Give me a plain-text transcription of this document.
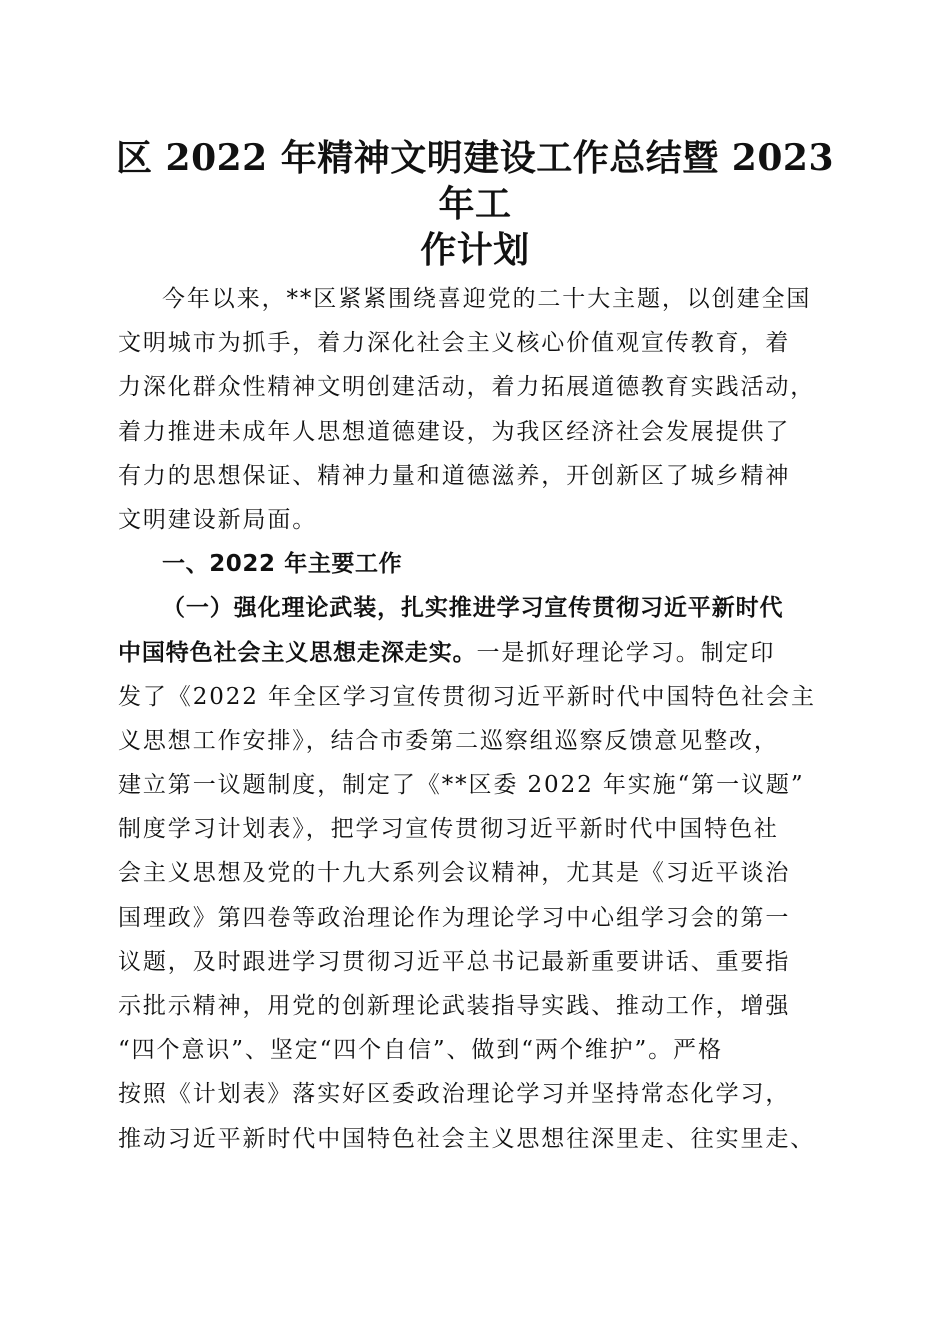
区 2022 年精神文明建设工作总结暨 2023 年工
作计划
今年以来，**区紧紧围绕喜迎党的二十大主题，以创建全国
文明城市为抓手，着力深化社会主义核心价值观宣传教育，着
力深化群众性精神文明创建活动，着力拓展道德教育实践活动，
着力推进未成年人思想道德建设，为我区经济社会发展提供了
有力的思想保证、精神力量和道德滋养，开创新区了城乡精神
文明建设新局面。
一、2022 年主要工作
（一）强化理论武装，扎实推进学习宣传贯彻习近平新时代
中国特色社会主义思想走深走实。一是抓好理论学习。制定印
发了《2022 年全区学习宣传贯彻习近平新时代中国特色社会主
义思想工作安排》，结合市委第二巡察组巡察反馈意见整改，
建立第一议题制度，制定了《**区委 2022 年实施“第一议题”
制度学习计划表》，把学习宣传贯彻习近平新时代中国特色社
会主义思想及党的十九大系列会议精神，尤其是《习近平谈治
国理政》第四卷等政治理论作为理论学习中心组学习会的第一
议题，及时跟进学习贯彻习近平总书记最新重要讲话、重要指
示批示精神，用党的创新理论武装指导实践、推动工作，增强
“四个意识”、坚定“四个自信”、做到“两个维护”。严格
按照《计划表》落实好区委政治理论学习并坚持常态化学习，
推动习近平新时代中国特色社会主义思想往深里走、往实里走、
